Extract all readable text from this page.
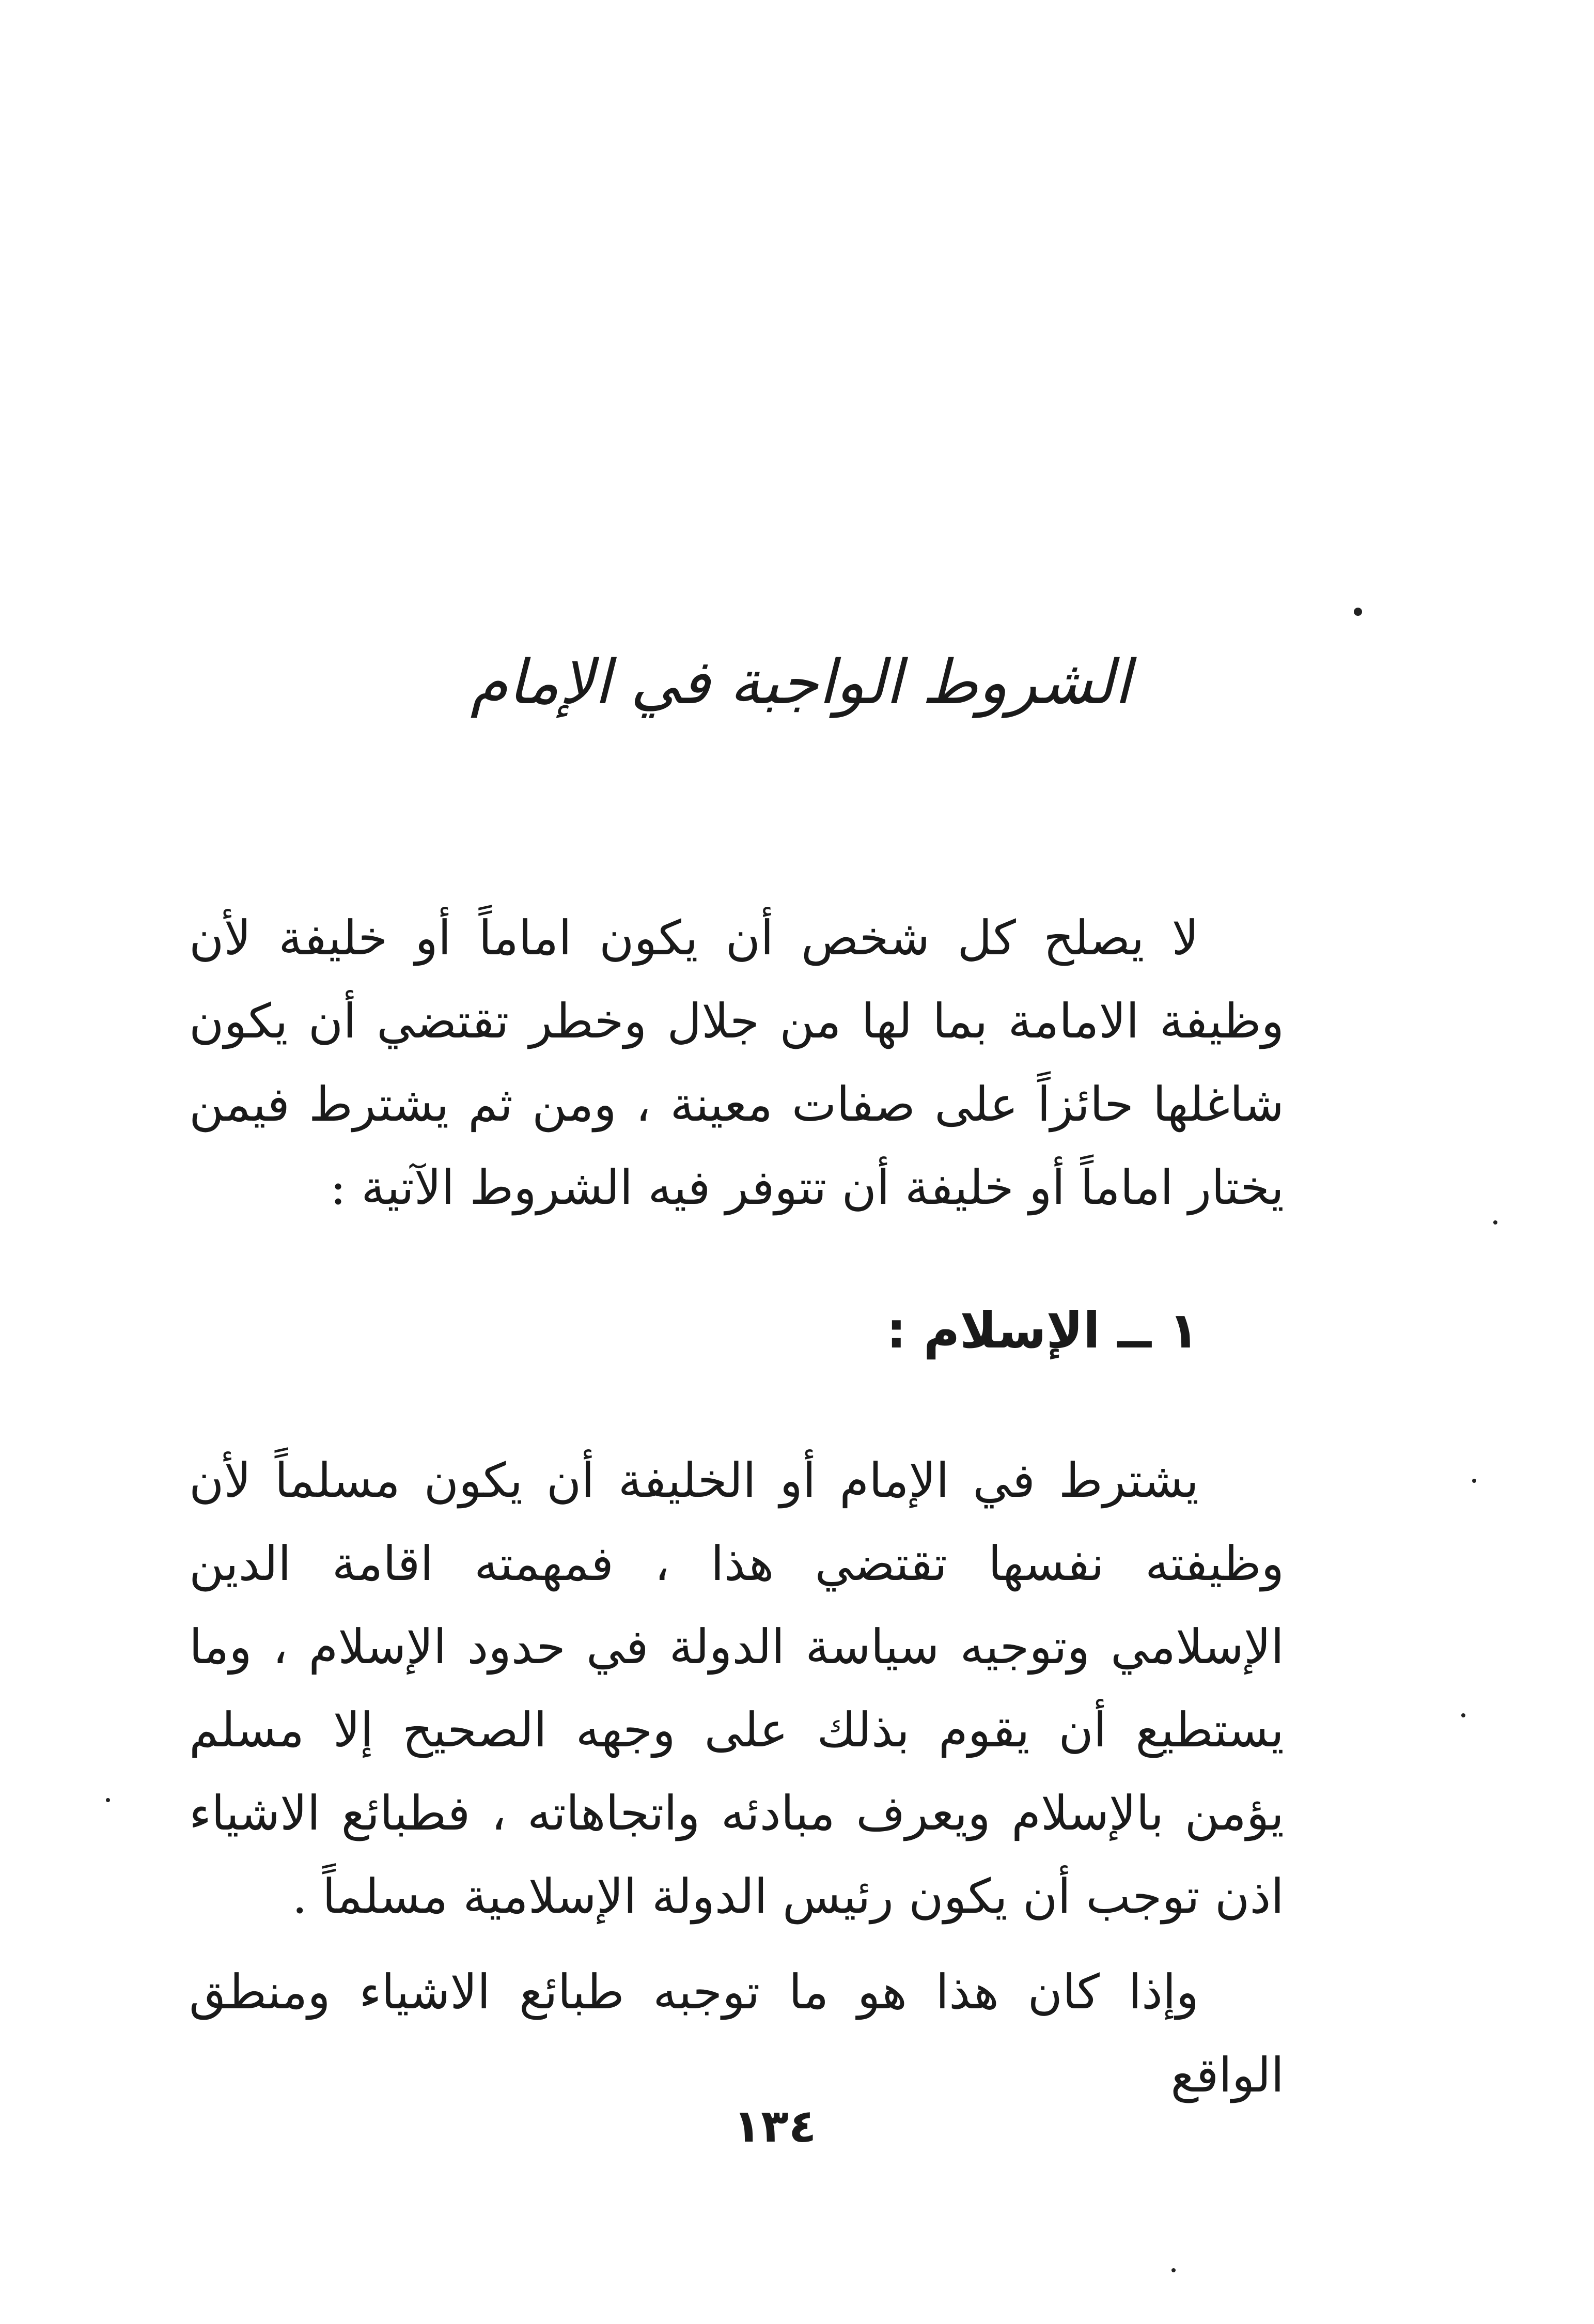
الشروط الواجبة في الإمام

لا يصلح كل شخص أن يكون اماماً أو خليفة لأن وظيفة الامامة بما لها من جلال وخطر تقتضي أن يكون شاغلها حائزاً على صفات معينة ، ومن ثم يشترط فيمن يختار اماماً أو خليفة أن تتوفر فيه الشروط الآتية :

١ ــ الإسلام :

يشترط في الإمام أو الخليفة أن يكون مسلماً لأن وظيفته نفسها تقتضي هذا ، فمهمته اقامة الدين الإسلامي وتوجيه سياسة الدولة في حدود الإسلام ، وما يستطيع أن يقوم بذلك على وجهه الصحيح إلا مسلم يؤمن بالإسلام ويعرف مبادئه واتجاهاته ، فطبائع الاشياء اذن توجب أن يكون رئيس الدولة الإسلامية مسلماً .

وإذا كان هذا هو ما توجبه طبائع الاشياء ومنطق الواقع

١٣٤
